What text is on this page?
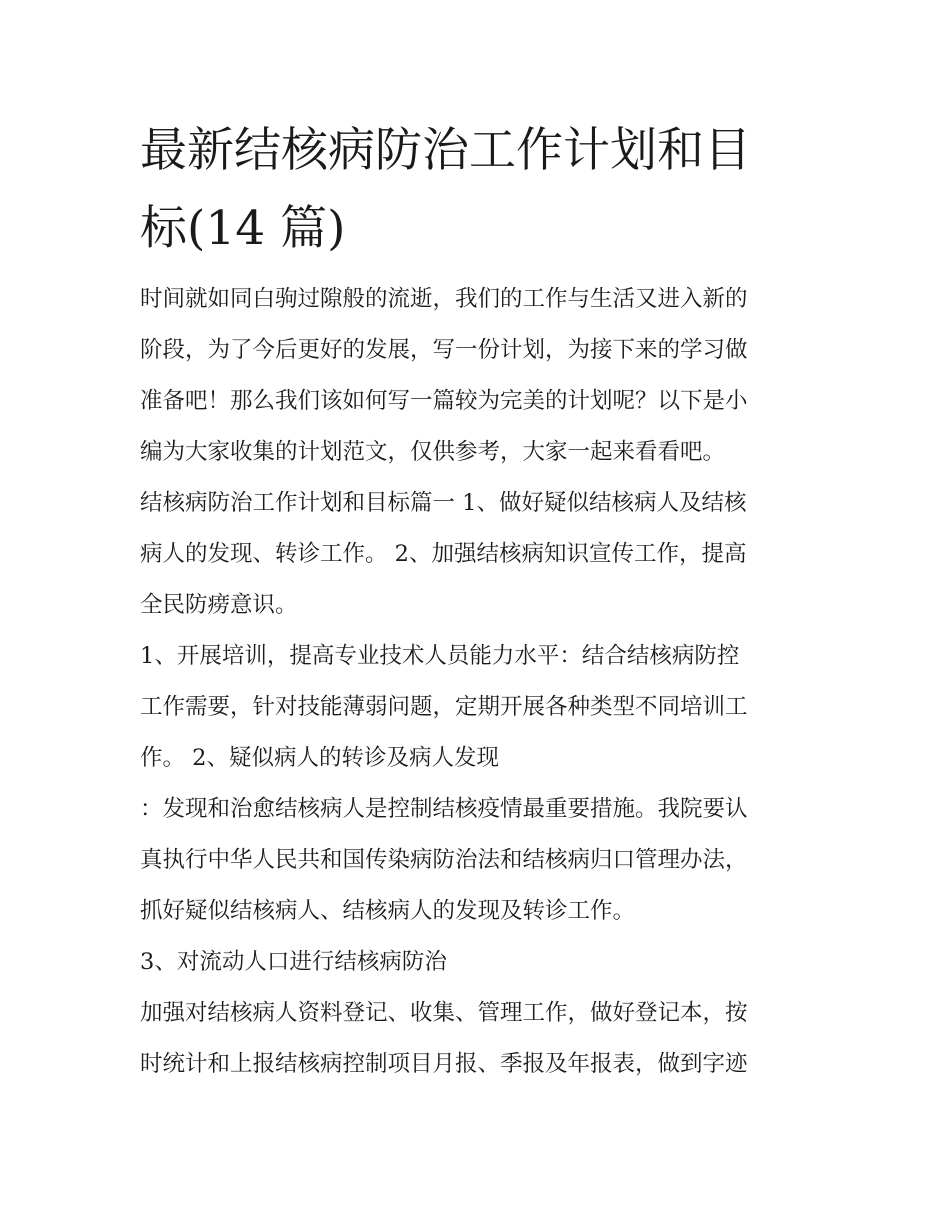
最新结核病防治工作计划和目
标(14 篇)
时间就如同白驹过隙般的流逝，我们的工作与生活又进入新的
阶段，为了今后更好的发展，写一份计划，为接下来的学习做
准备吧！那么我们该如何写一篇较为完美的计划呢？以下是小
编为大家收集的计划范文，仅供参考，大家一起来看看吧。
结核病防治工作计划和目标篇一 1、做好疑似结核病人及结核
病人的发现、转诊工作。 2、加强结核病知识宣传工作，提高
全民防痨意识。
1、开展培训，提高专业技术人员能力水平：结合结核病防控
工作需要，针对技能薄弱问题，定期开展各种类型不同培训工
作。 2、疑似病人的转诊及病人发现
：发现和治愈结核病人是控制结核疫情最重要措施。我院要认
真执行中华人民共和国传染病防治法和结核病归口管理办法，
抓好疑似结核病人、结核病人的发现及转诊工作。
3、对流动人口进行结核病防治
加强对结核病人资料登记、收集、管理工作，做好登记本，按
时统计和上报结核病控制项目月报、季报及年报表，做到字迹
